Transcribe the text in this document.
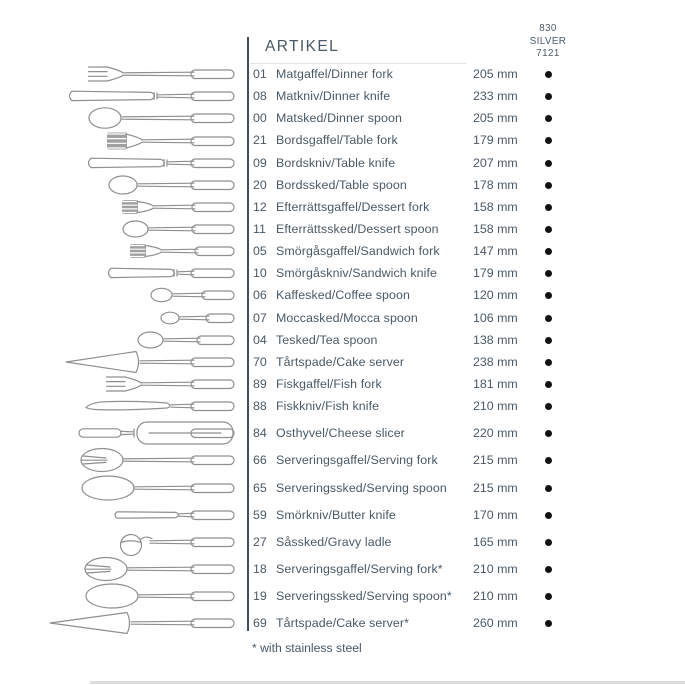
ARTIKEL
830
SILVER
7121
01 Matgaffel/Dinner fork	205 mm
08 Matkniv/Dinner knife	233 mm
00 Matsked/Dinner spoon	205 mm
21 Bordsgaffel/Table fork	179 mm
09 Bordskniv/Table knife	207 mm
20 Bordssked/Table spoon	178 mm
12 Efterrättsgaffel/Dessert fork	158 mm
11 Efterrättssked/Dessert spoon	158 mm
05 Smörgåsgaffel/Sandwich fork	147 mm
10 Smörgåskniv/Sandwich knife	179 mm
06 Kaffesked/Coffee spoon	120 mm
07 Moccasked/Mocca spoon	106 mm
04 Tesked/Tea spoon	138 mm
70 Tårtspade/Cake server	238 mm
89 Fiskgaffel/Fish fork	181 mm
88 Fiskkniv/Fish knife	210 mm
84 Osthyvel/Cheese slicer	220 mm
66 Serveringsgaffel/Serving fork	215 mm
65 Serveringssked/Serving spoon	215 mm
59 Smörkniv/Butter knife	170 mm
27 Såssked/Gravy ladle	165 mm
18 Serveringsgaffel/Serving fork*	210 mm
19 Serveringssked/Serving spoon*	210 mm
69 Tårtspade/Cake server*	260 mm
* with stainless steel
